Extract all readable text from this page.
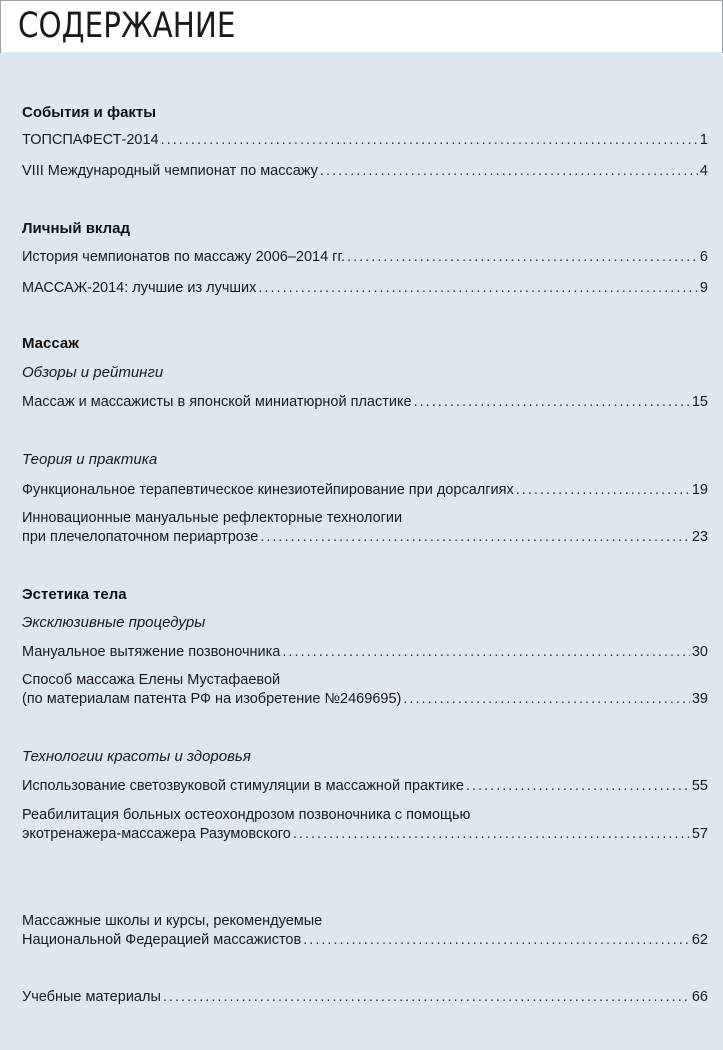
СОДЕРЖАНИЕ
События и факты
ТОПСПАФЕСТ-2014 . . .	1
VIII Международный чемпионат по массажу . . .	4
Личный вклад
История чемпионатов по массажу 2006–2014 гг. . . .	6
МАССАЖ-2014: лучшие из лучших . . .	9
Массаж
Обзоры и рейтинги
Массаж и массажисты в японской миниатюрной пластике . . .	15
Теория и практика
Функциональное терапевтическое кинезиотейпирование при дорсалгиях . . .	19
Инновационные мануальные рефлекторные технологии
при плечелопаточном периартрозе . . .	23
Эстетика тела
Эксклюзивные процедуры
Мануальное вытяжение позвоночника . . .	30
Способ массажа Елены Мустафаевой
(по материалам патента РФ на изобретение №2469695) . . .	39
Технологии красоты и здоровья
Использование светозвуковой стимуляции в массажной практике . . .	55
Реабилитация больных остеохондрозом позвоночника с помощью
экотренажера-массажера Разумовского . . .	57
Массажные школы и курсы, рекомендуемые
Национальной Федерацией массажистов . . .	62
Учебные материалы . . .	66
